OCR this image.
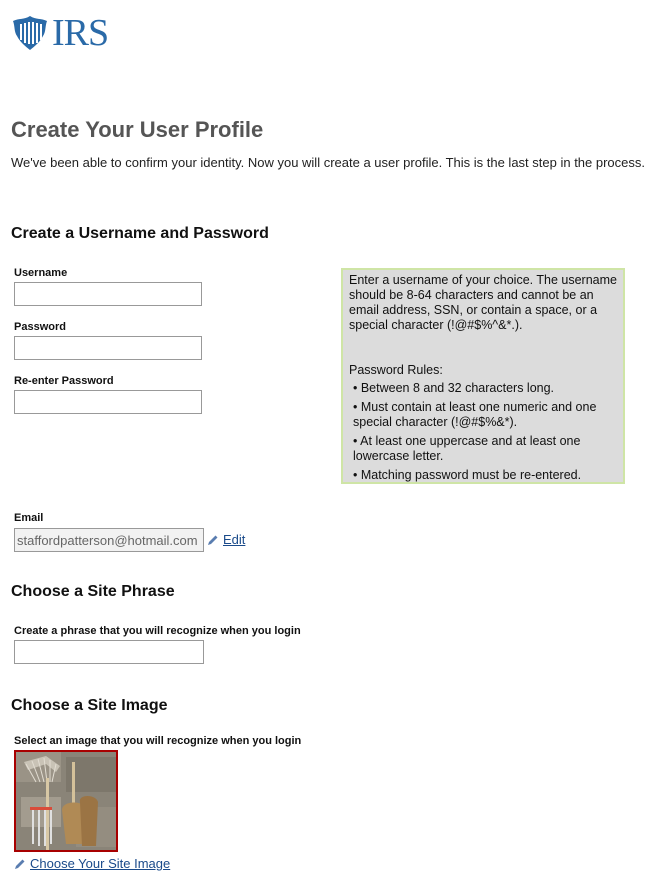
IRS
Create Your User Profile

We've been able to confirm your identity. Now you will create a user profile. This is the last step in the process.

Create a Username and Password
Username
Password
Re-enter Password
Enter a username of your choice. The username should be 8-64 characters and cannot be an email address, SSN, or contain a space, or a special character (!@#$%^&*.).
Password Rules:
• Between 8 and 32 characters long.
• Must contain at least one numeric and one special character (!@#$%&*).
• At least one uppercase and at least one lowercase letter.
• Matching password must be re-entered.
Email
staffordpatterson@hotmail.com
Edit
Choose a Site Phrase
Create a phrase that you will recognize when you login
Choose a Site Image
Select an image that you will recognize when you login
Choose Your Site Image
